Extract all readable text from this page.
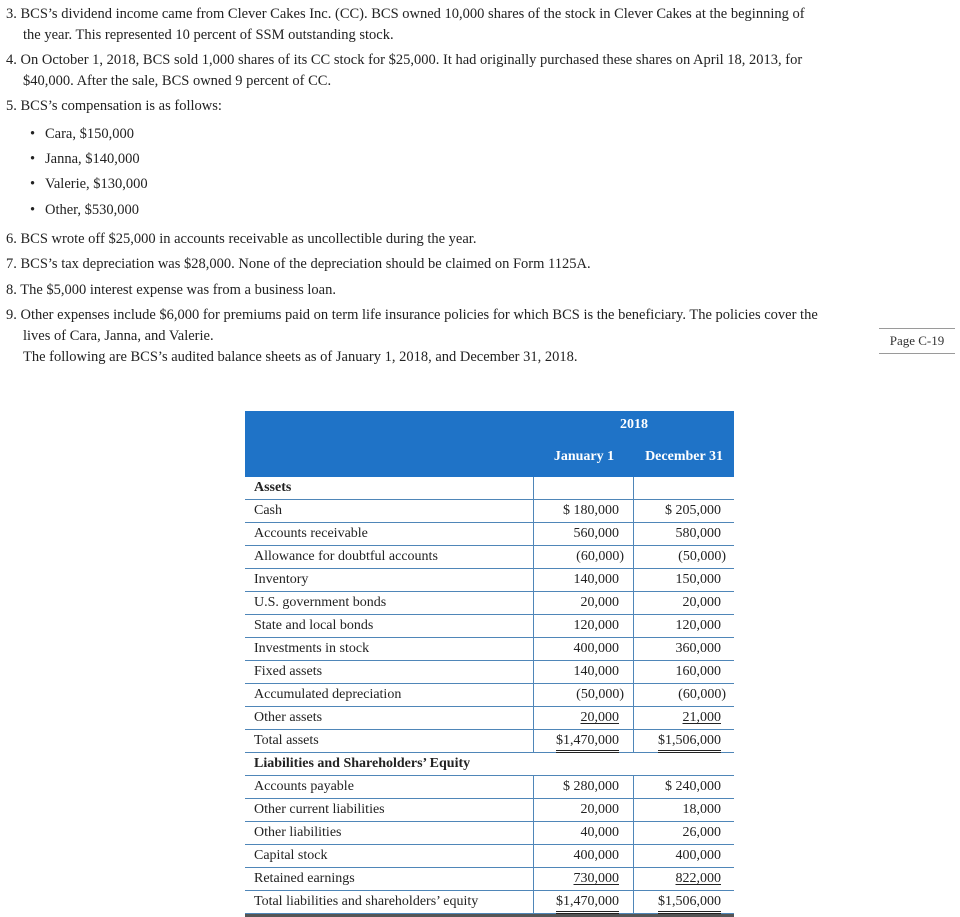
3. BCS’s dividend income came from Clever Cakes Inc. (CC). BCS owned 10,000 shares of the stock in Clever Cakes at the beginning of
the year. This represented 10 percent of SSM outstanding stock.
4. On October 1, 2018, BCS sold 1,000 shares of its CC stock for $25,000. It had originally purchased these shares on April 18, 2013, for
$40,000. After the sale, BCS owned 9 percent of CC.
5. BCS’s compensation is as follows:
• Cara, $150,000
• Janna, $140,000
• Valerie, $130,000
• Other, $530,000
6. BCS wrote off $25,000 in accounts receivable as uncollectible during the year.
7. BCS’s tax depreciation was $28,000. None of the depreciation should be claimed on Form 1125A.
8. The $5,000 interest expense was from a business loan.
9. Other expenses include $6,000 for premiums paid on term life insurance policies for which BCS is the beneficiary. The policies cover the
lives of Cara, Janna, and Valerie.	Page C-19
The following are BCS’s audited balance sheets as of January 1, 2018, and December 31, 2018.
2018
January 1	December 31
Assets
Cash	$ 180,000	$ 205,000
Accounts receivable	560,000	580,000
Allowance for doubtful accounts	(60,000)	(50,000)
Inventory	140,000	150,000
U.S. government bonds	20,000	20,000
State and local bonds	120,000	120,000
Investments in stock	400,000	360,000
Fixed assets	140,000	160,000
Accumulated depreciation	(50,000)	(60,000)
Other assets	20,000	21,000
Total assets	$1,470,000	$1,506,000
Liabilities and Shareholders’ Equity
Accounts payable	$ 280,000	$ 240,000
Other current liabilities	20,000	18,000
Other liabilities	40,000	26,000
Capital stock	400,000	400,000
Retained earnings	730,000	822,000
Total liabilities and shareholders’ equity	$1,470,000	$1,506,000
